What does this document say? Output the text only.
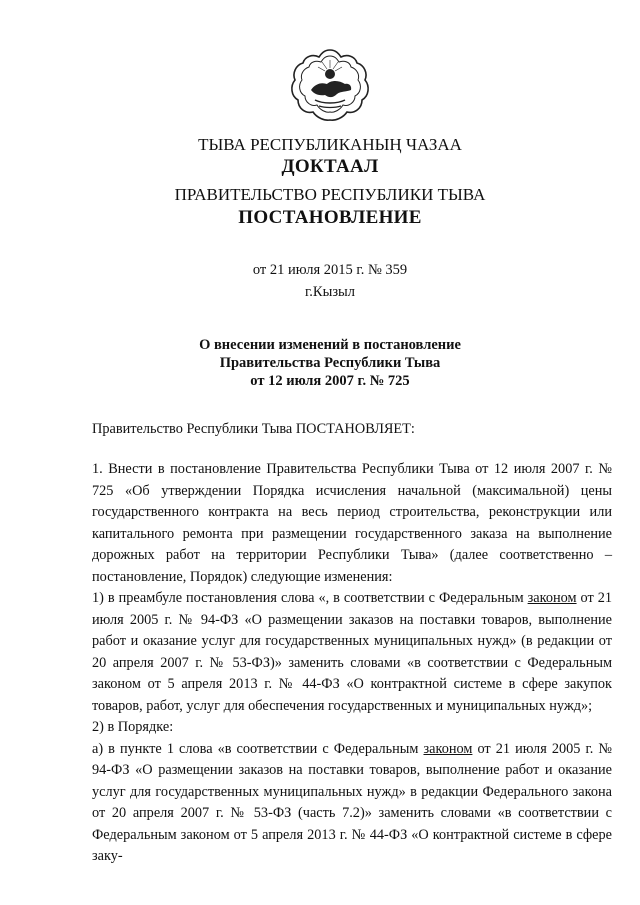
ТЫВА РЕСПУБЛИКАНЫҢ ЧАЗАА
ДОКТААЛ
ПРАВИТЕЛЬСТВО РЕСПУБЛИКИ ТЫВА
ПОСТАНОВЛЕНИЕ
от 21 июля 2015 г. № 359
г.Кызыл
О внесении изменений в постановление
Правительства Республики Тыва
от 12 июля 2007 г. № 725
Правительство Республики Тыва ПОСТАНОВЛЯЕТ:

1. Внести в постановление Правительства Республики Тыва от 12 июля 2007 г. № 725 «Об утверждении Порядка исчисления начальной (максимальной) цены государственного контракта на весь период строительства, реконструкции или капитального ремонта при размещении государственного заказа на выполнение дорожных работ на территории Республики Тыва» (далее соответственно – постановление, Порядок) следующие изменения:

1) в преамбуле постановления слова «, в соответствии с Федеральным законом от 21 июля 2005 г. № 94-ФЗ «О размещении заказов на поставки товаров, выполнение работ и оказание услуг для государственных муниципальных нужд» (в редакции от 20 апреля 2007 г. № 53-ФЗ)» заменить словами «в соответствии с Федеральным законом от 5 апреля 2013 г. № 44-ФЗ «О контрактной системе в сфере закупок товаров, работ, услуг для обеспечения государственных и муниципальных нужд»;

2) в Порядке:

а) в пункте 1 слова «в соответствии с Федеральным законом от 21 июля 2005 г. № 94-ФЗ «О размещении заказов на поставки товаров, выполнение работ и оказание услуг для государственных муниципальных нужд» в редакции Федерального закона от 20 апреля 2007 г. № 53-ФЗ (часть 7.2)» заменить словами «в соответствии с Федеральным законом от 5 апреля 2013 г. № 44-ФЗ «О контрактной системе в сфере заку-
